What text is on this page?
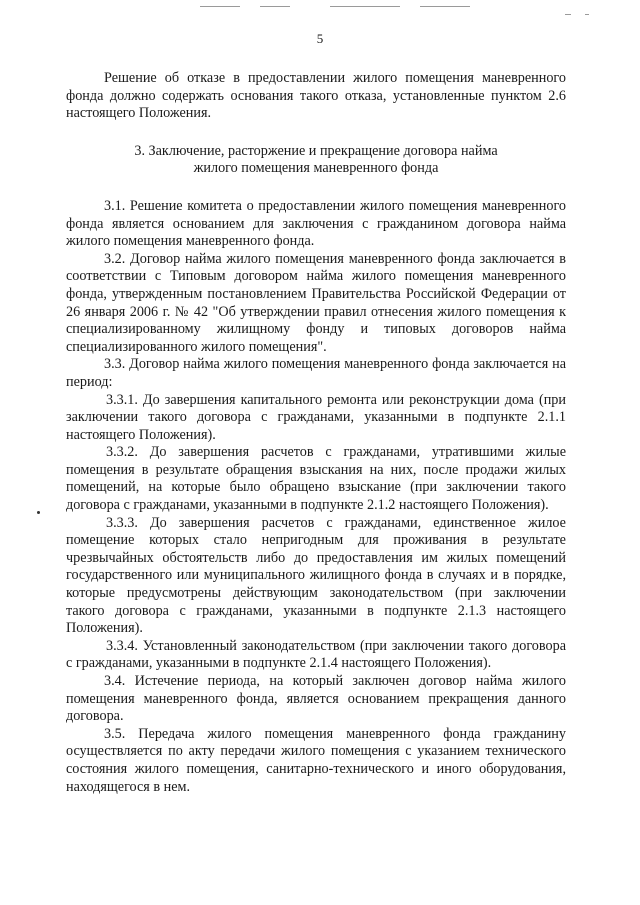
5

Решение об отказе в предоставлении жилого помещения маневренного фонда должно содержать основания такого отказа, установленные пунктом 2.6 настоящего Положения.

3. Заключение, расторжение и прекращение договора найма
жилого помещения маневренного фонда

3.1. Решение комитета о предоставлении жилого помещения маневренного фонда является основанием для заключения с гражданином договора найма жилого помещения маневренного фонда.

3.2. Договор найма жилого помещения маневренного фонда заключается в соответствии с Типовым договором найма жилого помещения маневренного фонда, утвержденным постановлением Правительства Российской Федерации от 26 января 2006 г. № 42 "Об утверждении правил отнесения жилого помещения к специализированному жилищному фонду и типовых договоров найма специализированного жилого помещения".

3.3. Договор найма жилого помещения маневренного фонда заключается на период:

3.3.1. До завершения капитального ремонта или реконструкции дома (при заключении такого договора с гражданами, указанными в подпункте 2.1.1 настоящего Положения).

3.3.2. До завершения расчетов с гражданами, утратившими жилые помещения в результате обращения взыскания на них, после продажи жилых помещений, на которые было обращено взыскание (при заключении такого договора с гражданами, указанными в подпункте 2.1.2 настоящего Положения).

3.3.3. До завершения расчетов с гражданами, единственное жилое помещение которых стало непригодным для проживания в результате чрезвычайных обстоятельств либо до предоставления им жилых помещений государственного или муниципального жилищного фонда в случаях и в порядке, которые предусмотрены действующим законодательством (при заключении такого договора с гражданами, указанными в подпункте 2.1.3 настоящего Положения).

3.3.4. Установленный законодательством (при заключении такого договора с гражданами, указанными в подпункте 2.1.4 настоящего Положения).

3.4. Истечение периода, на который заключен договор найма жилого помещения маневренного фонда, является основанием прекращения данного договора.

3.5. Передача жилого помещения маневренного фонда гражданину осуществляется по акту передачи жилого помещения с указанием технического состояния жилого помещения, санитарно-технического и иного оборудования, находящегося в нем.
